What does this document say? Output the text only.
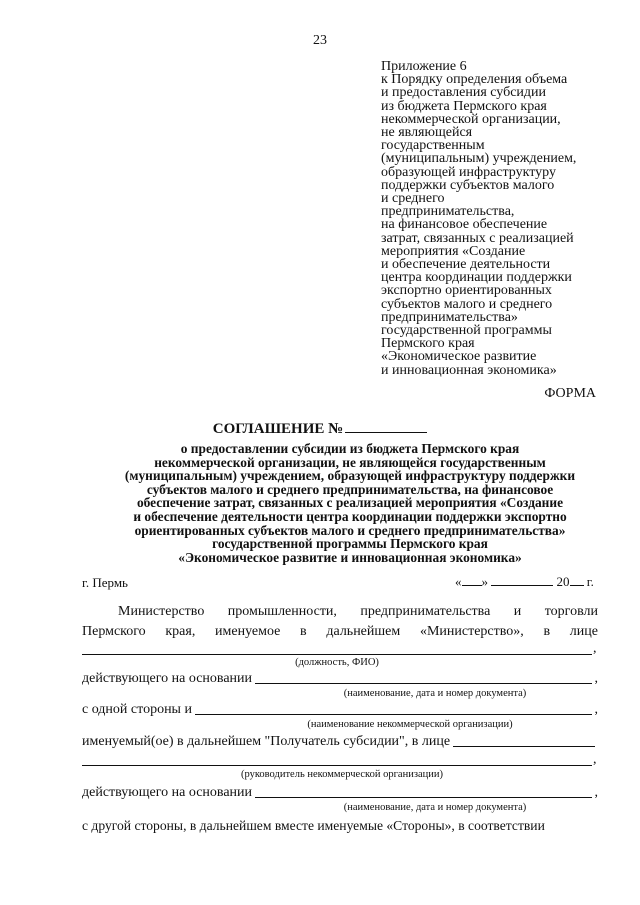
23
Приложение 6
к Порядку определения объема
и предоставления субсидии
из бюджета Пермского края
некоммерческой организации,
не являющейся
государственным
(муниципальным) учреждением,
образующей инфраструктуру
поддержки субъектов малого
и среднего
предпринимательства,
на финансовое обеспечение
затрат, связанных с реализацией
мероприятия «Создание
и обеспечение деятельности
центра координации поддержки
экспортно ориентированных
субъектов малого и среднего
предпринимательства»
государственной программы
Пермского края
«Экономическое развитие
и инновационная экономика»
ФОРМА
СОГЛАШЕНИЕ №
о предоставлении субсидии из бюджета Пермского края
некоммерческой организации, не являющейся государственным
(муниципальным) учреждением, образующей инфраструктуру поддержки
субъектов малого и среднего предпринимательства, на финансовое
обеспечение затрат, связанных с реализацией мероприятия «Создание
и обеспечение деятельности центра координации поддержки экспортно
ориентированных субъектов малого и среднего предпринимательства»
государственной программы Пермского края
«Экономическое развитие и инновационная экономика»
г. Пермь	« »	20 г.
Министерство промышленности, предпринимательства и торговли
Пермского края, именуемое в дальнейшем «Министерство», в лице
,
(должность, ФИО)
действующего на основании	,
(наименование, дата и номер документа)
с одной стороны и	,
(наименование некоммерческой организации)
именуемый(ое) в дальнейшем "Получатель субсидии", в лице
,
(руководитель некоммерческой организации)
действующего на основании	,
(наименование, дата и номер документа)
с другой стороны, в дальнейшем вместе именуемые «Стороны», в соответствии
